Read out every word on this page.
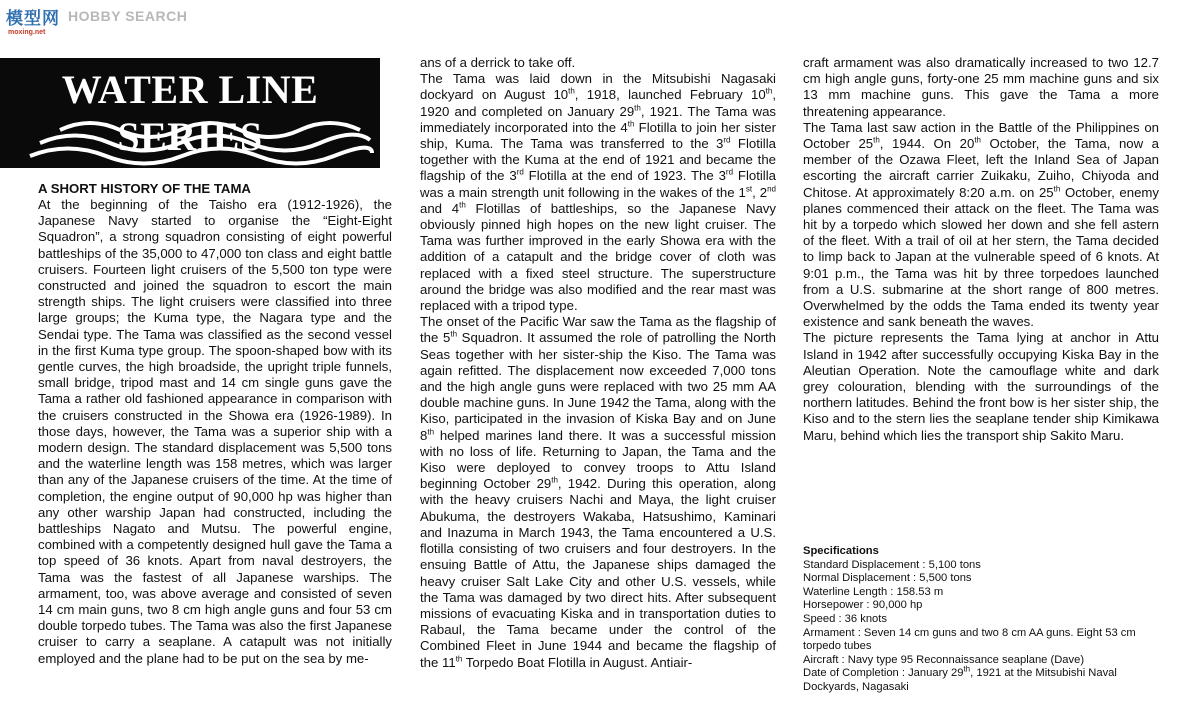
模型网
moxing.net
HOBBY SEARCH
WATER LINE SERIES
A SHORT HISTORY OF THE TAMA

At the beginning of the Taisho era (1912-1926), the Japanese Navy started to organise the “Eight-Eight Squadron”, a strong squadron consisting of eight powerful battleships of the 35,000 to 47,000 ton class and eight battle cruisers. Fourteen light cruisers of the 5,500 ton type were constructed and joined the squadron to escort the main strength ships. The light cruisers were classified into three large groups; the Kuma type, the Nagara type and the Sendai type. The Tama was classified as the second vessel in the first Kuma type group. The spoon-shaped bow with its gentle curves, the high broadside, the upright triple funnels, small bridge, tripod mast and 14 cm single guns gave the Tama a rather old fashioned appearance in comparison with the cruisers constructed in the Showa era (1926-1989). In those days, however, the Tama was a superior ship with a modern design. The standard displacement was 5,500 tons and the waterline length was 158 metres, which was larger than any of the Japanese cruisers of the time. At the time of completion, the engine output of 90,000 hp was higher than any other warship Japan had constructed, including the battleships Nagato and Mutsu. The powerful engine, combined with a competently designed hull gave the Tama a top speed of 36 knots. Apart from naval destroyers, the Tama was the fastest of all Japanese warships. The armament, too, was above average and consisted of seven 14 cm main guns, two 8 cm high angle guns and four 53 cm double torpedo tubes. The Tama was also the first Japanese cruiser to carry a seaplane. A catapult was not initially employed and the plane had to be put on the sea by me-

ans of a derrick to take off.

The Tama was laid down in the Mitsubishi Nagasaki dockyard on August 10th, 1918, launched February 10th, 1920 and completed on January 29th, 1921. The Tama was immediately incorporated into the 4th Flotilla to join her sister ship, Kuma. The Tama was transferred to the 3rd Flotilla together with the Kuma at the end of 1921 and became the flagship of the 3rd Flotilla at the end of 1923. The 3rd Flotilla was a main strength unit following in the wakes of the 1st, 2nd and 4th Flotillas of battleships, so the Japanese Navy obviously pinned high hopes on the new light cruiser. The Tama was further improved in the early Showa era with the addition of a catapult and the bridge cover of cloth was replaced with a fixed steel structure. The superstructure around the bridge was also modified and the rear mast was replaced with a tripod type.

The onset of the Pacific War saw the Tama as the flagship of the 5th Squadron. It assumed the role of patrolling the North Seas together with her sister-ship the Kiso. The Tama was again refitted. The displacement now exceeded 7,000 tons and the high angle guns were replaced with two 25 mm AA double machine guns. In June 1942 the Tama, along with the Kiso, participated in the invasion of Kiska Bay and on June 8th helped marines land there. It was a successful mission with no loss of life. Returning to Japan, the Tama and the Kiso were deployed to convey troops to Attu Island beginning October 29th, 1942. During this operation, along with the heavy cruisers Nachi and Maya, the light cruiser Abukuma, the destroyers Wakaba, Hatsushimo, Kaminari and Inazuma in March 1943, the Tama encountered a U.S. flotilla consisting of two cruisers and four destroyers. In the ensuing Battle of Attu, the Japanese ships damaged the heavy cruiser Salt Lake City and other U.S. vessels, while the Tama was damaged by two direct hits. After subsequent missions of evacuating Kiska and in transportation duties to Rabaul, the Tama became under the control of the Combined Fleet in June 1944 and became the flagship of the 11th Torpedo Boat Flotilla in August. Antiair-

craft armament was also dramatically increased to two 12.7 cm high angle guns, forty-one 25 mm machine guns and six 13 mm machine guns. This gave the Tama a more threatening appearance.

The Tama last saw action in the Battle of the Philippines on October 25th, 1944. On 20th October, the Tama, now a member of the Ozawa Fleet, left the Inland Sea of Japan escorting the aircraft carrier Zuikaku, Zuiho, Chiyoda and Chitose. At approximately 8:20 a.m. on 25th October, enemy planes commenced their attack on the fleet. The Tama was hit by a torpedo which slowed her down and she fell astern of the fleet. With a trail of oil at her stern, the Tama decided to limp back to Japan at the vulnerable speed of 6 knots. At 9:01 p.m., the Tama was hit by three torpedoes launched from a U.S. submarine at the short range of 800 metres. Overwhelmed by the odds the Tama ended its twenty year existence and sank beneath the waves.

The picture represents the Tama lying at anchor in Attu Island in 1942 after successfully occupying Kiska Bay in the Aleutian Operation. Note the camouflage white and dark grey colouration, blending with the surroundings of the northern latitudes. Behind the front bow is her sister ship, the Kiso and to the stern lies the seaplane tender ship Kimikawa Maru, behind which lies the transport ship Sakito Maru.

Specifications
Standard Displacement : 5,100 tons
Normal Displacement : 5,500 tons
Waterline Length : 158.53 m
Horsepower : 90,000 hp
Speed : 36 knots
Armament : Seven 14 cm guns and two 8 cm AA guns. Eight 53 cm torpedo tubes
Aircraft : Navy type 95 Reconnaissance seaplane (Dave)
Date of Completion : January 29th, 1921 at the Mitsubishi Naval Dockyards, Nagasaki
